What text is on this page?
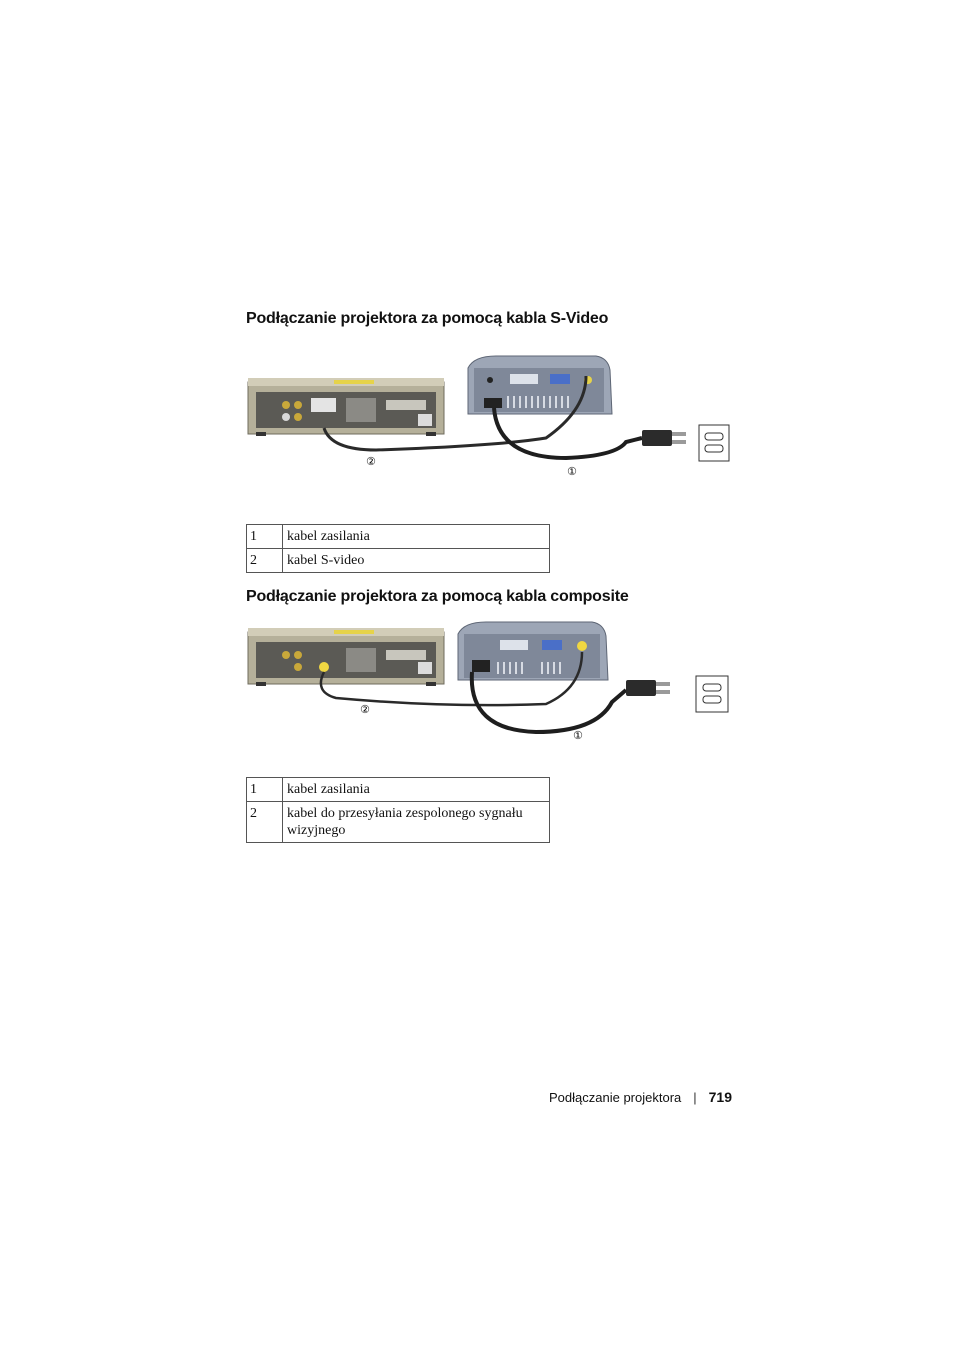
Podłączanie projektora za pomocą kabla S-Video
②
①
1	kabel zasilania
2	kabel S-video
Podłączanie projektora za pomocą kabla composite
②
①
1	kabel zasilania
2	kabel do przesyłania zespolonego sygnału wizyjnego
Podłączanie projektora | 719
